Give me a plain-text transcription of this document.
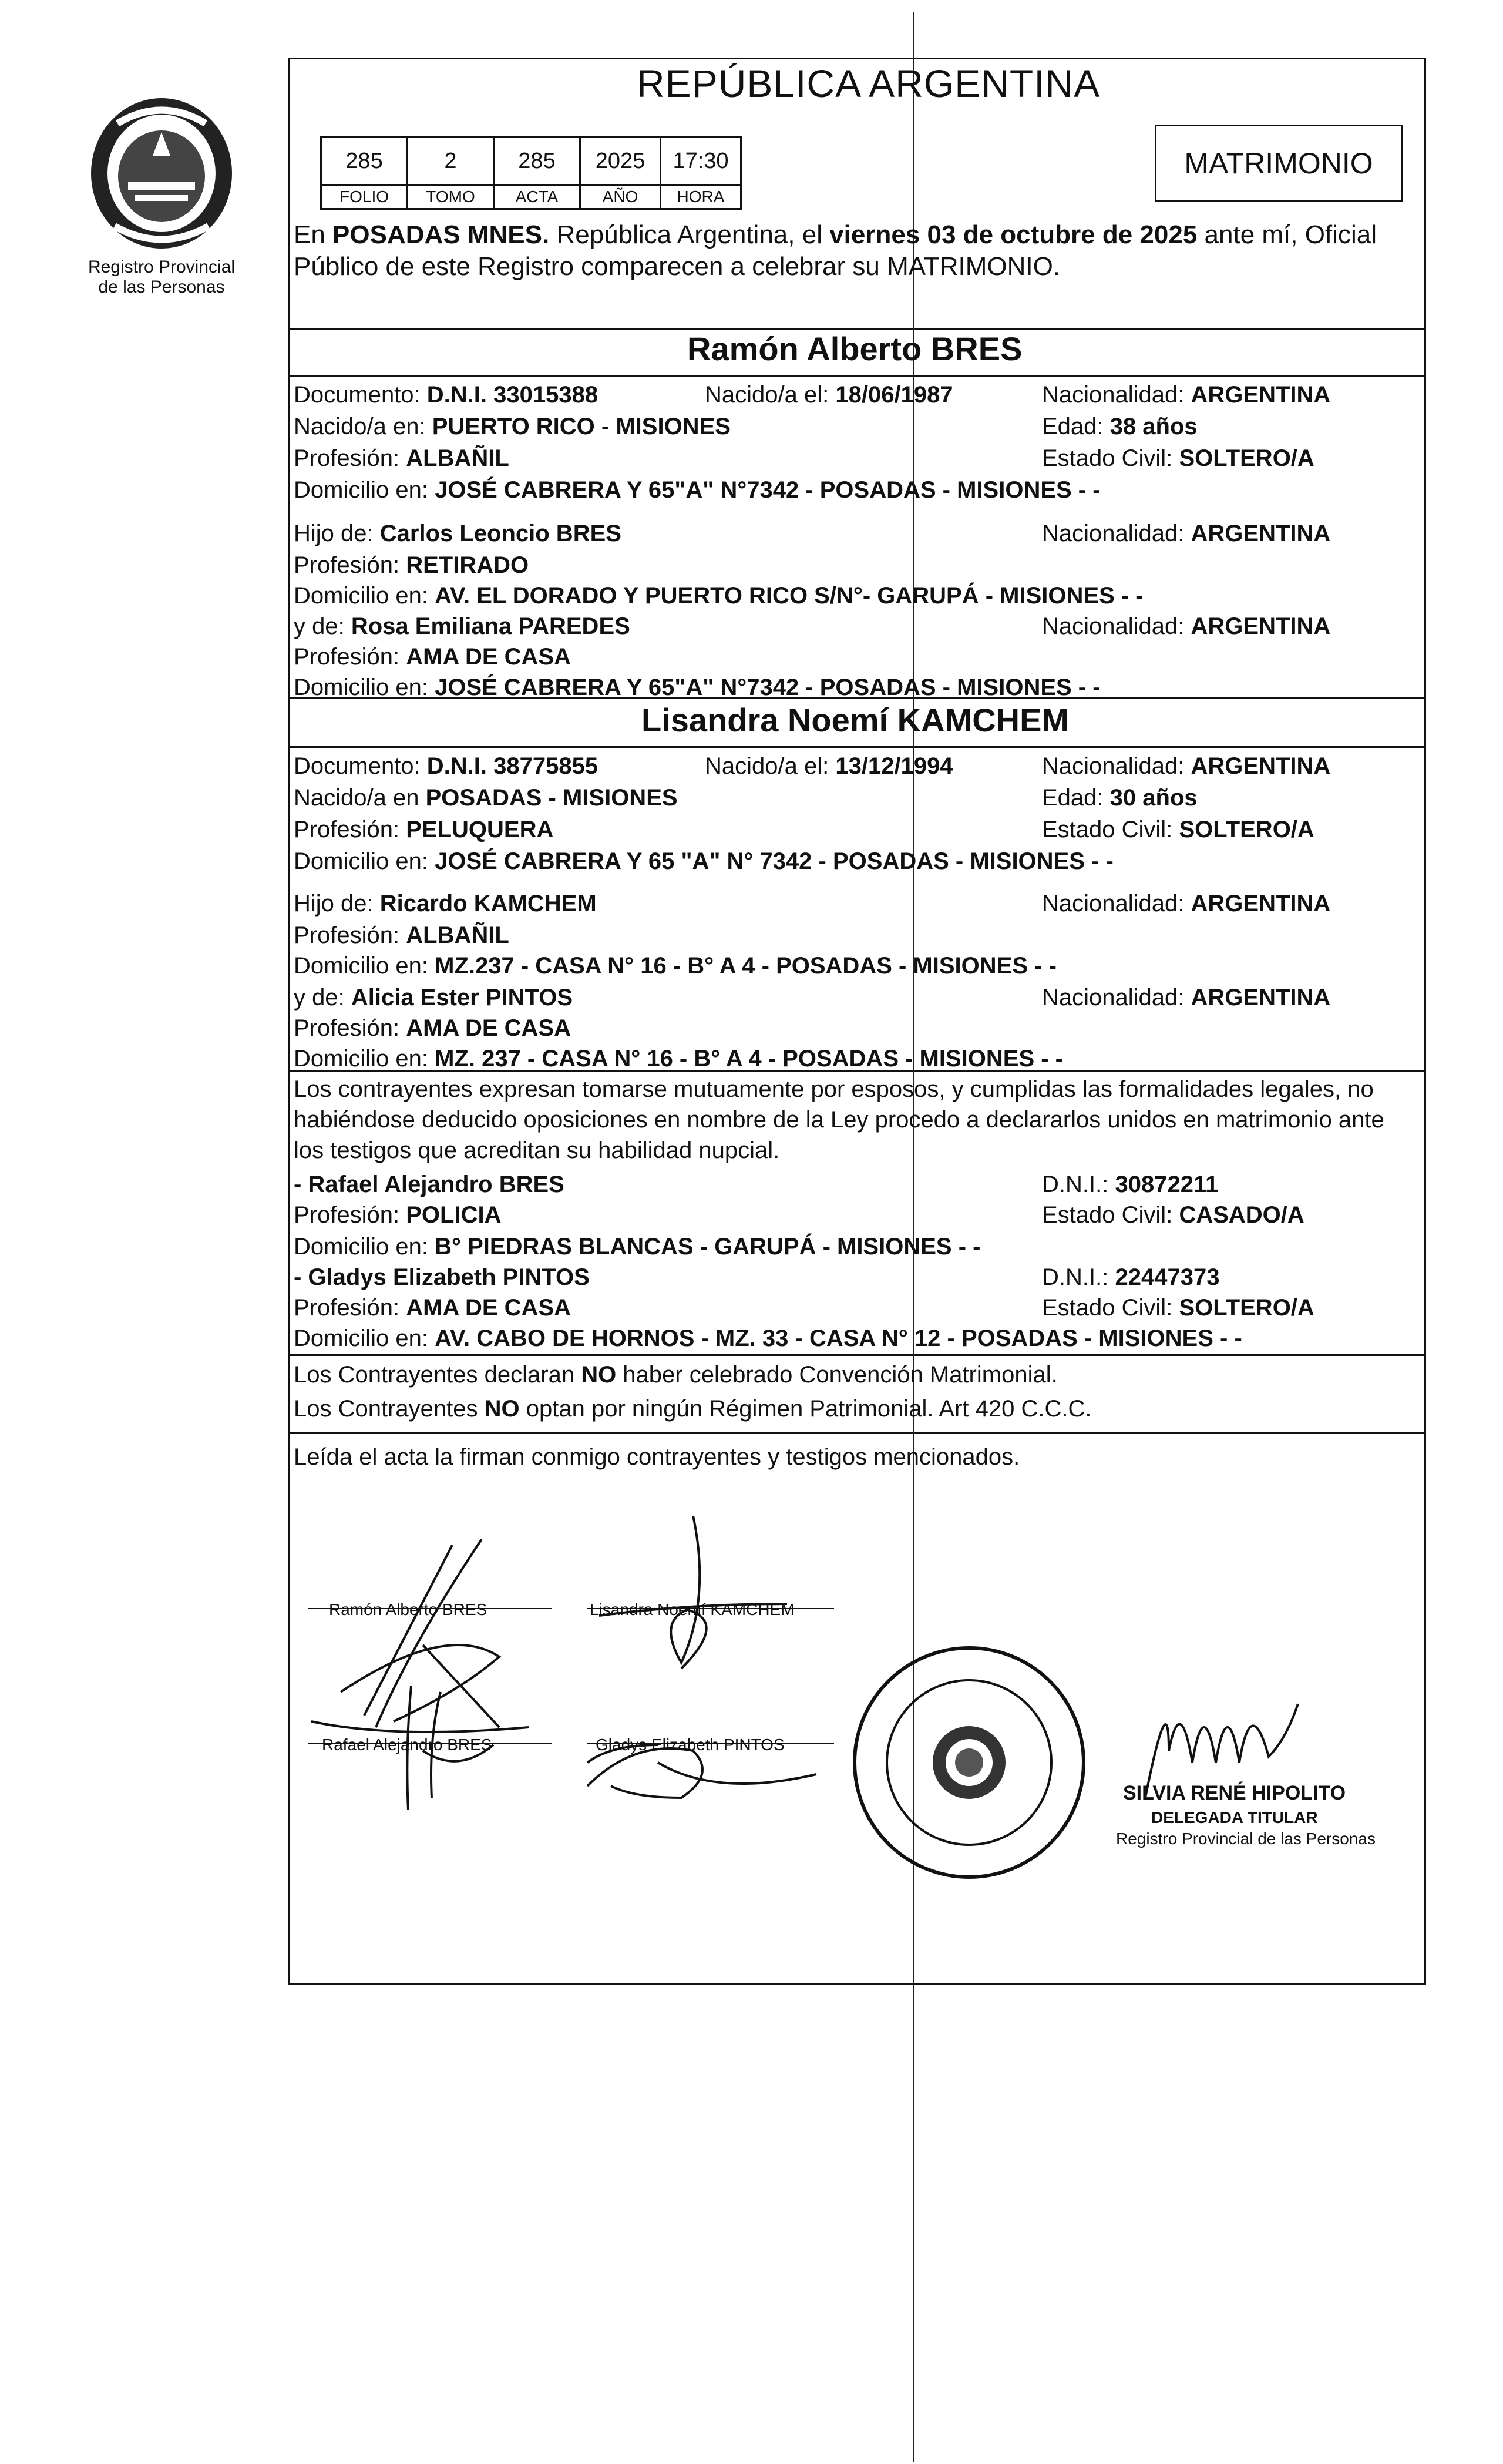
Registro Provincial
de las Personas
REPÚBLICA ARGENTINA
285	2	285	2025	17:30
FOLIO	TOMO	ACTA	AÑO	HORA
MATRIMONIO
En POSADAS MNES. República Argentina, el viernes 03 de octubre de 2025 ante mí, Oficial
Público de este Registro comparecen a celebrar su MATRIMONIO.
Ramón Alberto BRES
Documento: D.N.I. 33015388	Nacido/a el: 18/06/1987	Nacionalidad: ARGENTINA
Nacido/a en: PUERTO RICO - MISIONES	Edad: 38 años
Profesión: ALBAÑIL	Estado Civil: SOLTERO/A
Domicilio en: JOSÉ CABRERA Y 65"A" N°7342 - POSADAS - MISIONES - -
Hijo de: Carlos Leoncio BRES	Nacionalidad: ARGENTINA
Profesión: RETIRADO
Domicilio en: AV. EL DORADO Y PUERTO RICO S/N°- GARUPÁ - MISIONES - -
y de: Rosa Emiliana PAREDES	Nacionalidad: ARGENTINA
Profesión: AMA DE CASA
Domicilio en: JOSÉ CABRERA Y 65"A" N°7342 - POSADAS - MISIONES - -
Lisandra Noemí KAMCHEM
Documento: D.N.I. 38775855	Nacido/a el: 13/12/1994	Nacionalidad: ARGENTINA
Nacido/a en POSADAS - MISIONES	Edad: 30 años
Profesión: PELUQUERA	Estado Civil: SOLTERO/A
Domicilio en: JOSÉ CABRERA Y 65 "A" N° 7342 - POSADAS - MISIONES - -
Hijo de: Ricardo KAMCHEM	Nacionalidad: ARGENTINA
Profesión: ALBAÑIL
Domicilio en: MZ.237 - CASA N° 16 - B° A 4 - POSADAS - MISIONES - -
y de: Alicia Ester PINTOS	Nacionalidad: ARGENTINA
Profesión: AMA DE CASA
Domicilio en: MZ. 237 - CASA N° 16 - B° A 4 - POSADAS - MISIONES - -
Los contrayentes expresan tomarse mutuamente por esposos, y cumplidas las formalidades legales, no
habiéndose deducido oposiciones en nombre de la Ley procedo a declararlos unidos en matrimonio ante
los testigos que acreditan su habilidad nupcial.
- Rafael Alejandro BRES	D.N.I.: 30872211
Profesión: POLICIA	Estado Civil: CASADO/A
Domicilio en: B° PIEDRAS BLANCAS - GARUPÁ - MISIONES - -
- Gladys Elizabeth PINTOS	D.N.I.: 22447373
Profesión: AMA DE CASA	Estado Civil: SOLTERO/A
Domicilio en: AV. CABO DE HORNOS - MZ. 33 - CASA N° 12 - POSADAS - MISIONES - -
Los Contrayentes declaran NO haber celebrado Convención Matrimonial.
Los Contrayentes NO optan por ningún Régimen Patrimonial. Art 420 C.C.C.
Leída el acta la firman conmigo contrayentes y testigos mencionados.
Ramón Alberto BRES	Lisandra Noemí KAMCHEM
Rafael Alejandro BRES	Gladys Elizabeth PINTOS
SILVIA RENÉ HIPOLITO
DELEGADA TITULAR
Registro Provincial de las Personas
